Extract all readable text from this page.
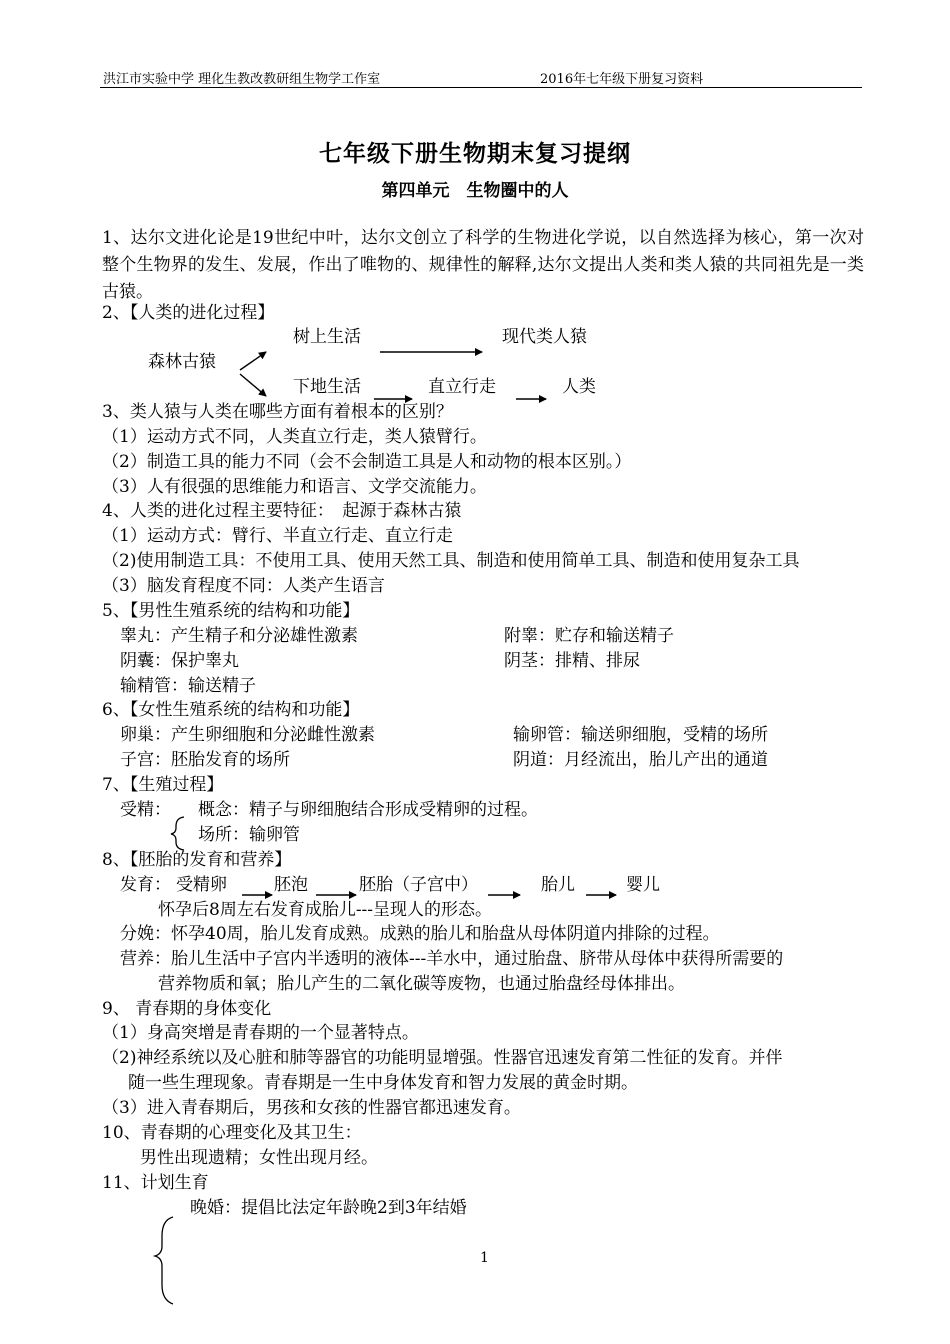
洪江市实验中学 理化生教改教研组生物学工作室	2016年七年级下册复习资料
七年级下册生物期末复习提纲
第四单元　生物圈中的人
1、达尔文进化论是19世纪中叶，达尔文创立了科学的生物进化学说，以自然选择为核心，第一次对整个生物界的发生、发展，作出了唯物的、规律性的解释,达尔文提出人类和类人猿的共同祖先是一类古猿。
2、【人类的进化过程】
树上生活	现代类人猿
森林古猿
下地生活	直立行走	人类
3、类人猿与人类在哪些方面有着根本的区别？
（1）运动方式不同，人类直立行走，类人猿臂行。
（2）制造工具的能力不同（会不会制造工具是人和动物的根本区别。）
（3）人有很强的思维能力和语言、文学交流能力。
4、人类的进化过程主要特征：　起源于森林古猿
（1）运动方式：臂行、半直立行走、直立行走
（2)使用制造工具：不使用工具、使用天然工具、制造和使用简单工具、制造和使用复杂工具
（3）脑发育程度不同：人类产生语言
5、【男性生殖系统的结构和功能】
睾丸：产生精子和分泌雄性激素	附睾：贮存和输送精子
阴囊：保护睾丸	阴茎：排精、排尿
输精管：输送精子
6、【女性生殖系统的结构和功能】
卵巢：产生卵细胞和分泌雌性激素	输卵管：输送卵细胞，受精的场所
子宫：胚胎发育的场所	阴道：月经流出，胎儿产出的通道
7、【生殖过程】
受精： 概念：精子与卵细胞结合形成受精卵的过程。
场所：输卵管
8、【胚胎的发育和营养】
发育： 受精卵	胚泡	胚胎（子宫中）	胎儿	婴儿
怀孕后8周左右发育成胎儿---呈现人的形态。
分娩：怀孕40周，胎儿发育成熟。成熟的胎儿和胎盘从母体阴道内排除的过程。
营养：胎儿生活中子宫内半透明的液体---羊水中，通过胎盘、脐带从母体中获得所需要的
营养物质和氧；胎儿产生的二氧化碳等废物，也通过胎盘经母体排出。
9、 青春期的身体变化
（1）身高突增是青春期的一个显著特点。
（2)神经系统以及心脏和肺等器官的功能明显增强。性器官迅速发育第二性征的发育。并伴
随一些生理现象。青春期是一生中身体发育和智力发展的黄金时期。
（3）进入青春期后，男孩和女孩的性器官都迅速发育。
10、青春期的心理变化及其卫生：
男性出现遗精；女性出现月经。
11、计划生育
晚婚：提倡比法定年龄晚2到3年结婚
1
